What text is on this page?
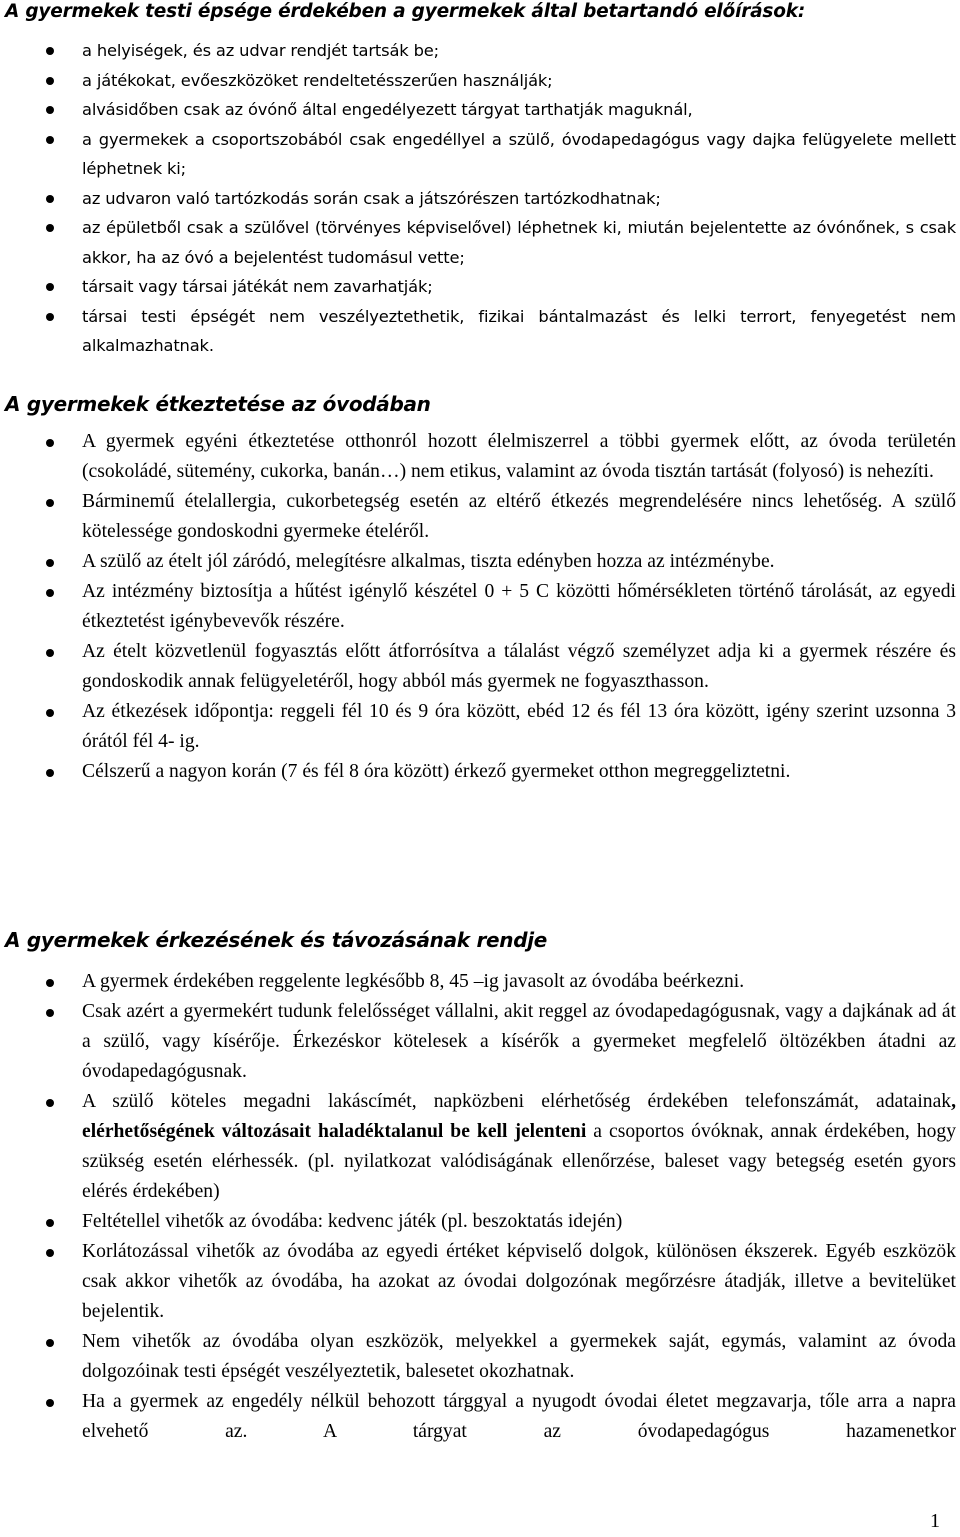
A gyermekek testi épsége érdekében a gyermekek által betartandó előírások:
a helyiségek, és az udvar rendjét tartsák be;
a játékokat, evőeszközöket rendeltetésszerűen használják;
alvásidőben csak az óvónő által engedélyezett tárgyat tarthatják maguknál,
a gyermekek a csoportszobából csak engedéllyel a szülő, óvodapedagógus vagy dajka felügyelete mellett léphetnek ki;
az udvaron való tartózkodás során csak a játszórészen tartózkodhatnak;
az épületből csak a szülővel (törvényes képviselővel) léphetnek ki, miután bejelentette az óvónőnek, s csak akkor, ha az óvó a bejelentést tudomásul vette;
társait vagy társai játékát nem zavarhatják;
társai testi épségét nem veszélyeztethetik, fizikai bántalmazást és lelki terrort, fenyegetést nem alkalmazhatnak.
A gyermekek étkeztetése az óvodában
A gyermek egyéni étkeztetése otthonról hozott élelmiszerrel a többi gyermek előtt, az óvoda területén (csokoládé, sütemény, cukorka, banán…) nem etikus, valamint az óvoda tisztán tartását (folyosó) is nehezíti.
Bárminemű ételallergia, cukorbetegség esetén az eltérő étkezés megrendelésére nincs lehetőség. A szülő kötelessége gondoskodni gyermeke ételéről.
A szülő az ételt jól záródó, melegítésre alkalmas, tiszta edényben hozza az intézménybe.
Az intézmény biztosítja a hűtést igénylő készétel 0 + 5 C közötti hőmérsékleten történő tárolását, az egyedi étkeztetést igénybevevők részére.
Az ételt közvetlenül fogyasztás előtt átforrósítva a tálalást végző személyzet adja ki a gyermek részére és gondoskodik annak felügyeletéről, hogy abból más gyermek ne fogyaszthasson.
Az étkezések időpontja: reggeli fél 10 és 9 óra között, ebéd 12 és fél 13 óra között, igény szerint uzsonna 3 órától fél 4- ig.
Célszerű a nagyon korán (7 és fél 8 óra között) érkező gyermeket otthon megreggeliztetni.
A gyermekek érkezésének és távozásának rendje
A gyermek érdekében reggelente legkésőbb 8, 45 –ig javasolt az óvodába beérkezni.
Csak azért a gyermekért tudunk felelősséget vállalni, akit reggel az óvodapedagógusnak, vagy a dajkának ad át a szülő, vagy kísérője. Érkezéskor kötelesek a kísérők a gyermeket megfelelő öltözékben átadni az óvodapedagógusnak.
A szülő köteles megadni lakáscímét, napközbeni elérhetőség érdekében telefonszámát, adatainak, elérhetőségének változásait haladéktalanul be kell jelenteni a csoportos óvóknak, annak érdekében, hogy szükség esetén elérhessék. (pl. nyilatkozat valódiságának ellenőrzése, baleset vagy betegség esetén gyors elérés érdekében)
Feltétellel vihetők az óvodába: kedvenc játék (pl. beszoktatás idején)
Korlátozással vihetők az óvodába az egyedi értéket képviselő dolgok, különösen ékszerek. Egyéb eszközök csak akkor vihetők az óvodába, ha azokat az óvodai dolgozónak megőrzésre átadják, illetve a bevitelüket bejelentik.
Nem vihetők az óvodába olyan eszközök, melyekkel a gyermekek saját, egymás, valamint az óvoda dolgozóinak testi épségét veszélyeztetik, balesetet okozhatnak.
Ha a gyermek az engedély nélkül behozott tárggyal a nyugodt óvodai életet megzavarja, tőle arra a napra elvehető az. A tárgyat az óvodapedagógus hazamenetkor
1
